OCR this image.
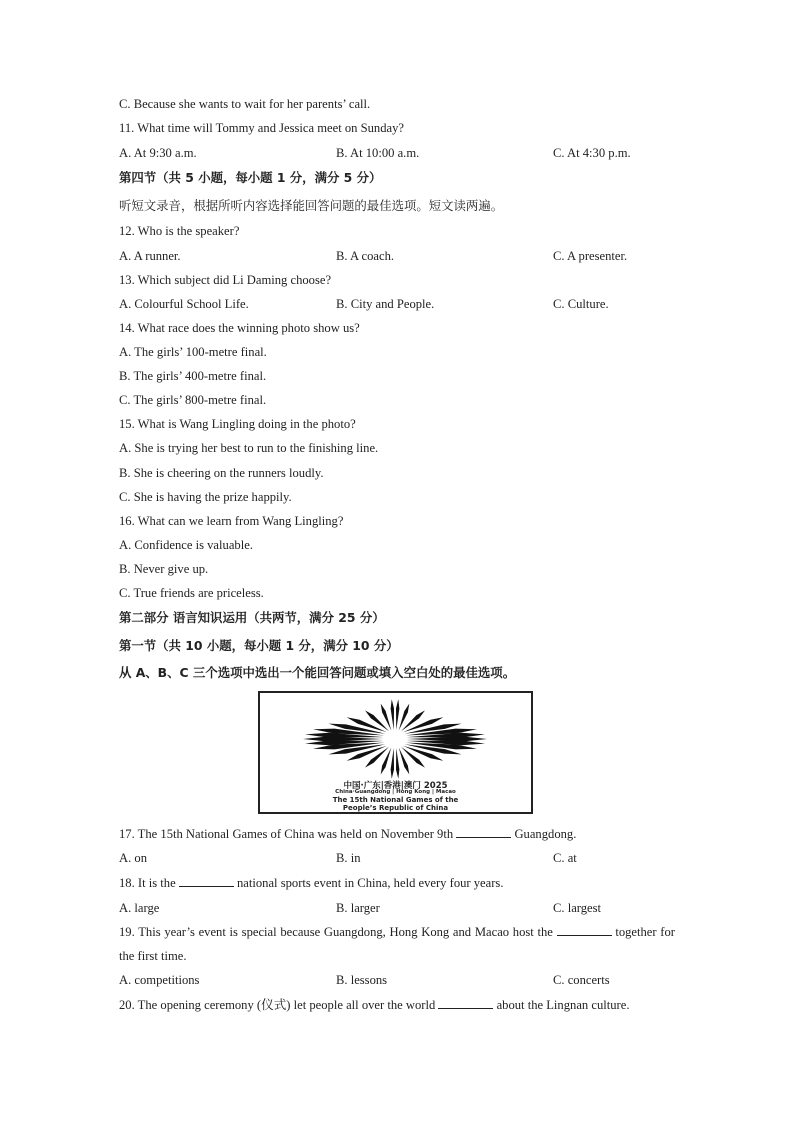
C. Because she wants to wait for her parents’ call.
11. What time will Tommy and Jessica meet on Sunday?
A. At 9:30 a.m.	B. At 10:00 a.m.	C. At 4:30 p.m.
第四节（共 5 小题，每小题 1 分，满分 5 分）
听短文录音，根据所听内容选择能回答问题的最佳选项。短文读两遍。
12. Who is the speaker?
A. A runner.	B. A coach.	C. A presenter.
13. Which subject did Li Daming choose?
A. Colourful School Life.	B. City and People.	C. Culture.
14. What race does the winning photo show us?
A. The girls’ 100-metre final.
B. The girls’ 400-metre final.
C. The girls’ 800-metre final.
15. What is Wang Lingling doing in the photo?
A. She is trying her best to run to the finishing line.
B. She is cheering on the runners loudly.
C. She is having the prize happily.
16. What can we learn from Wang Lingling?
A. Confidence is valuable.
B. Never give up.
C. True friends are priceless.
第二部分 语言知识运用（共两节，满分 25 分）
第一节（共 10 小题，每小题 1 分，满分 10 分）
从 A、B、C 三个选项中选出一个能回答问题或填入空白处的最佳选项。
中国·广东|香港|澳门 2025
China·Guangdong | Hong Kong | Macao
The 15th National Games of the
People’s Republic of China
17. The 15th National Games of China was held on November 9th	Guangdong.
A. on	B. in	C. at
18. It is the	national sports event in China, held every four years.
A. large	B. larger	C. largest
19. This year’s event is special because Guangdong, Hong Kong and Macao host the	together for the first time.
A. competitions	B. lessons	C. concerts
20. The opening ceremony (仪式) let people all over the world	about the Lingnan culture.
